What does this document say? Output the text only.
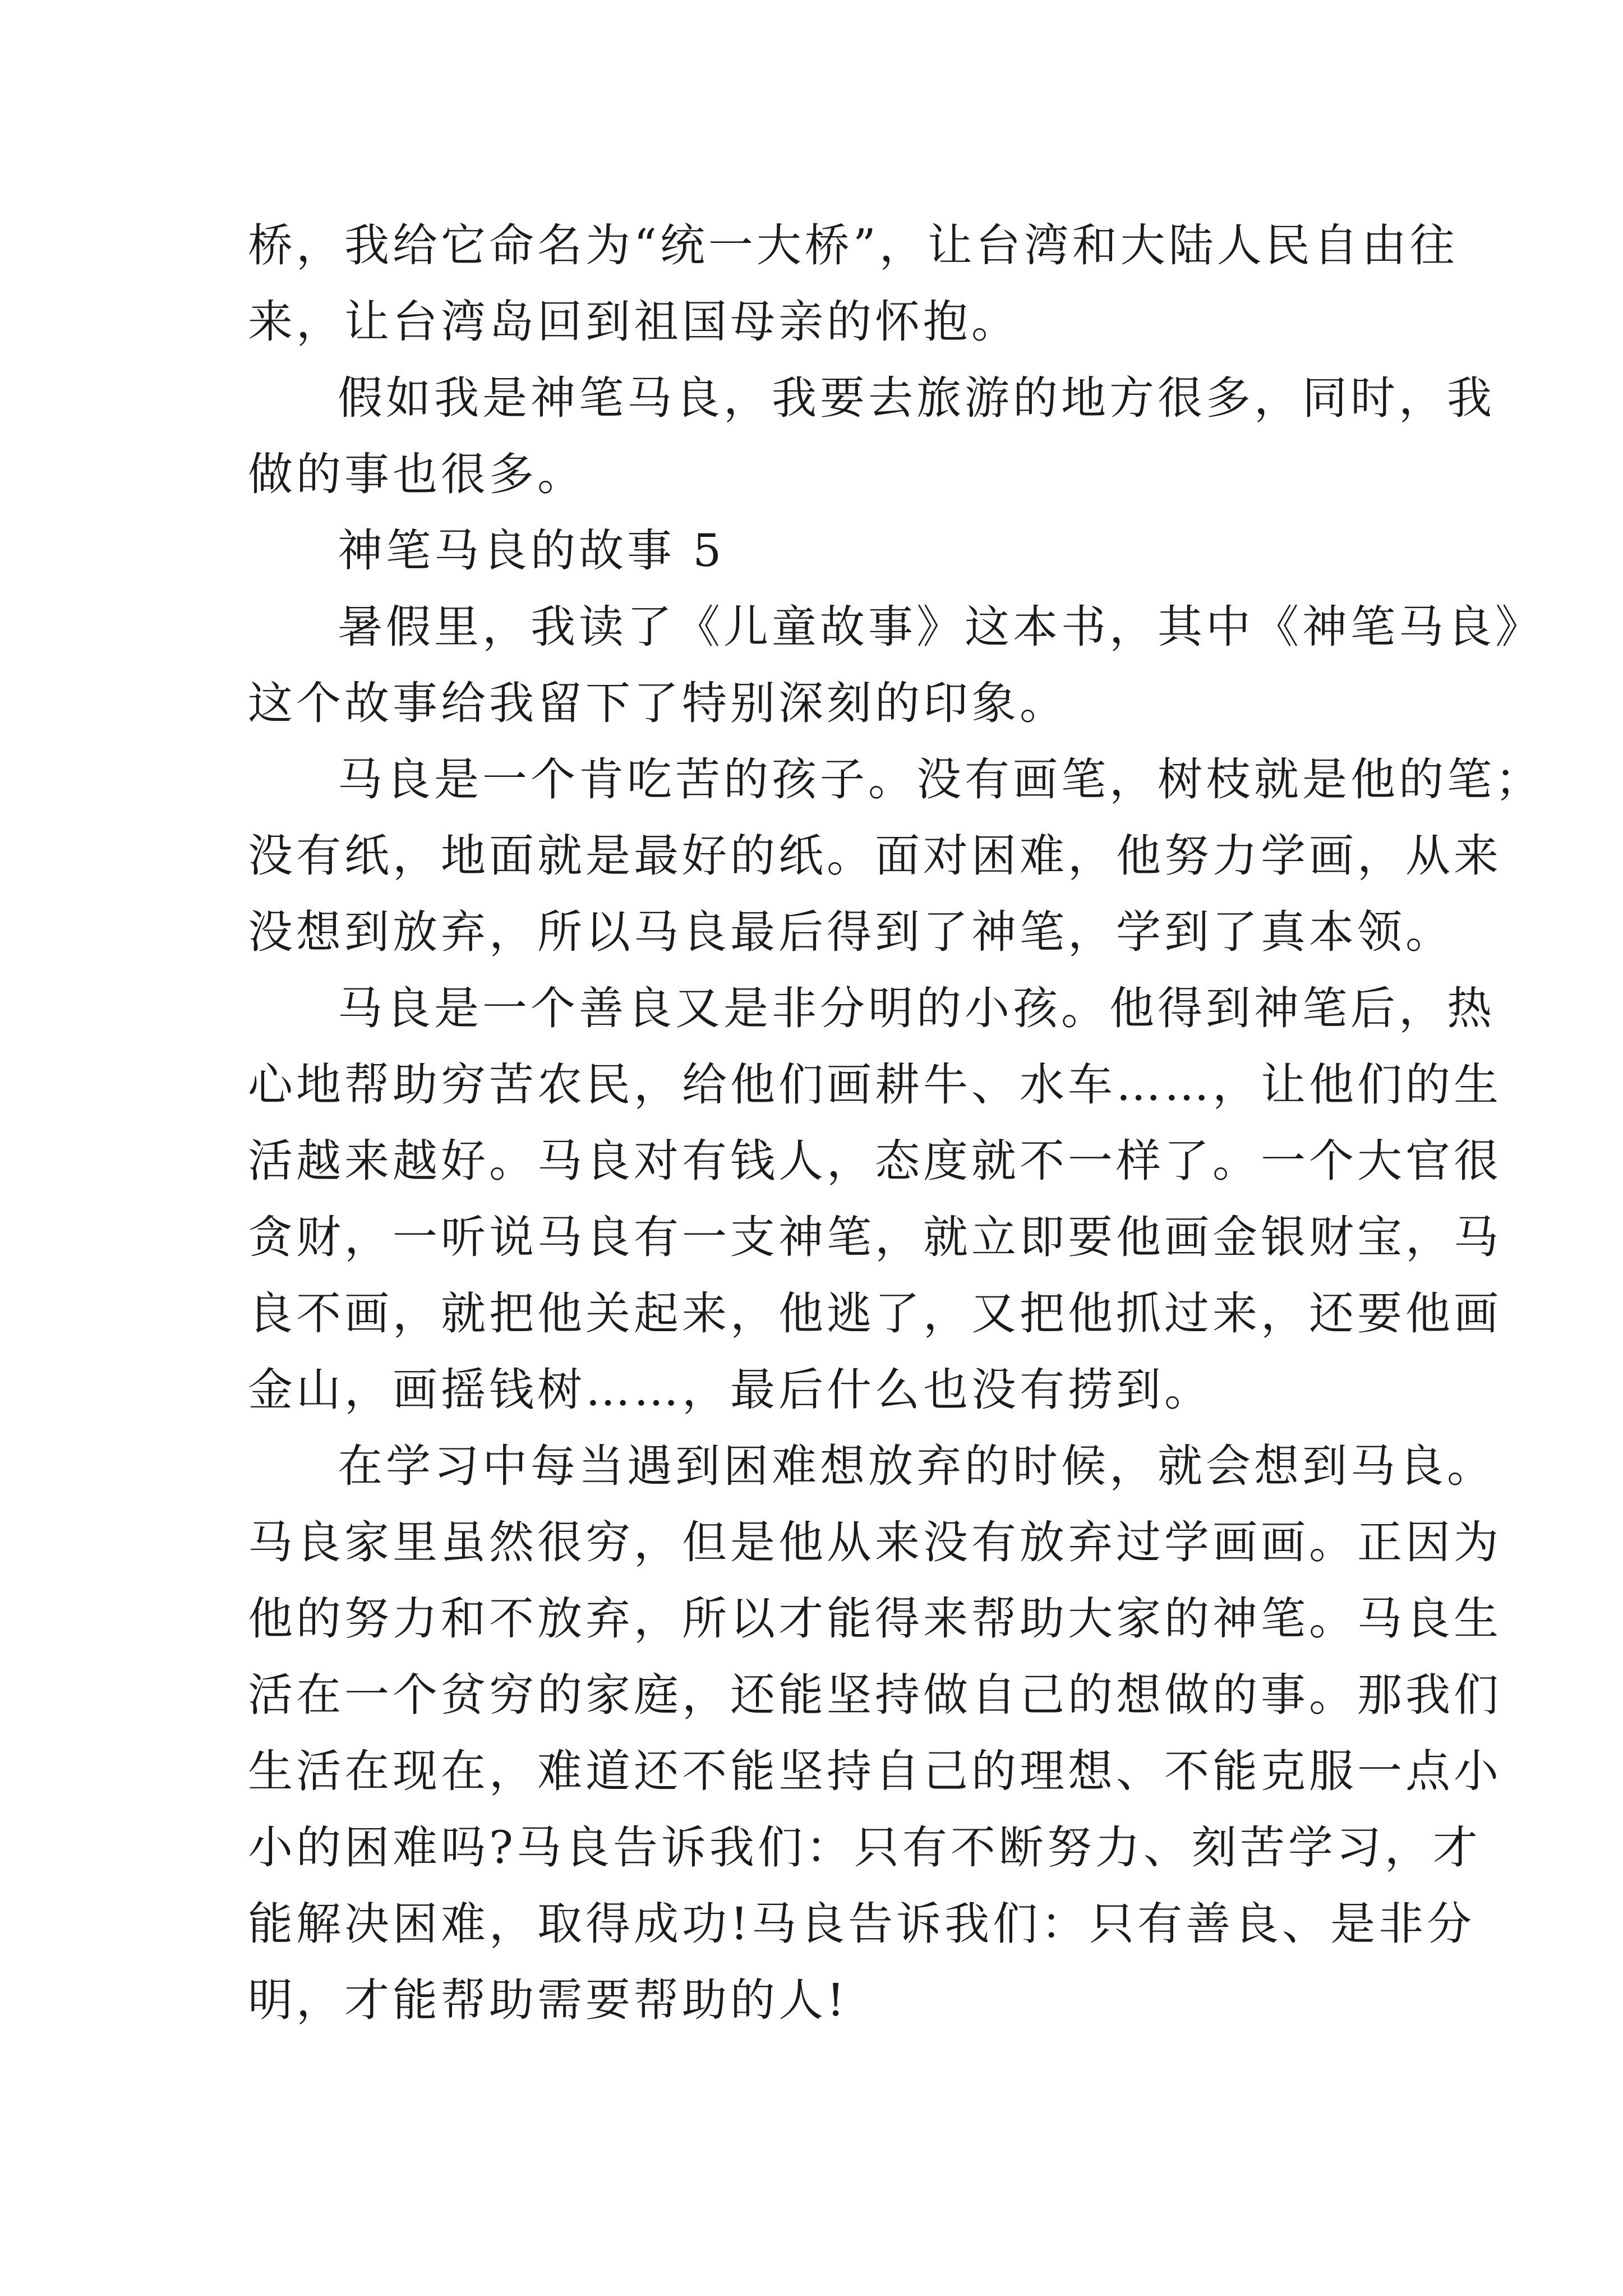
桥，我给它命名为“统一大桥”，让台湾和大陆人民自由往
来，让台湾岛回到祖国母亲的怀抱。
假如我是神笔马良，我要去旅游的地方很多，同时，我
做的事也很多。
神笔马良的故事 5
暑假里，我读了《儿童故事》这本书，其中《神笔马良》
这个故事给我留下了特别深刻的印象。
马良是一个肯吃苦的孩子。没有画笔，树枝就是他的笔；
没有纸，地面就是最好的纸。面对困难，他努力学画，从来
没想到放弃，所以马良最后得到了神笔，学到了真本领。
马良是一个善良又是非分明的小孩。他得到神笔后，热
心地帮助穷苦农民，给他们画耕牛、水车……，让他们的生
活越来越好。马良对有钱人，态度就不一样了。一个大官很
贪财，一听说马良有一支神笔，就立即要他画金银财宝，马
良不画，就把他关起来，他逃了，又把他抓过来，还要他画
金山，画摇钱树……，最后什么也没有捞到。
在学习中每当遇到困难想放弃的时候，就会想到马良。
马良家里虽然很穷，但是他从来没有放弃过学画画。正因为
他的努力和不放弃，所以才能得来帮助大家的神笔。马良生
活在一个贫穷的家庭，还能坚持做自己的想做的事。那我们
生活在现在，难道还不能坚持自己的理想、不能克服一点小
小的困难吗?马良告诉我们：只有不断努力、刻苦学习，才
能解决困难，取得成功!马良告诉我们：只有善良、是非分
明，才能帮助需要帮助的人!
